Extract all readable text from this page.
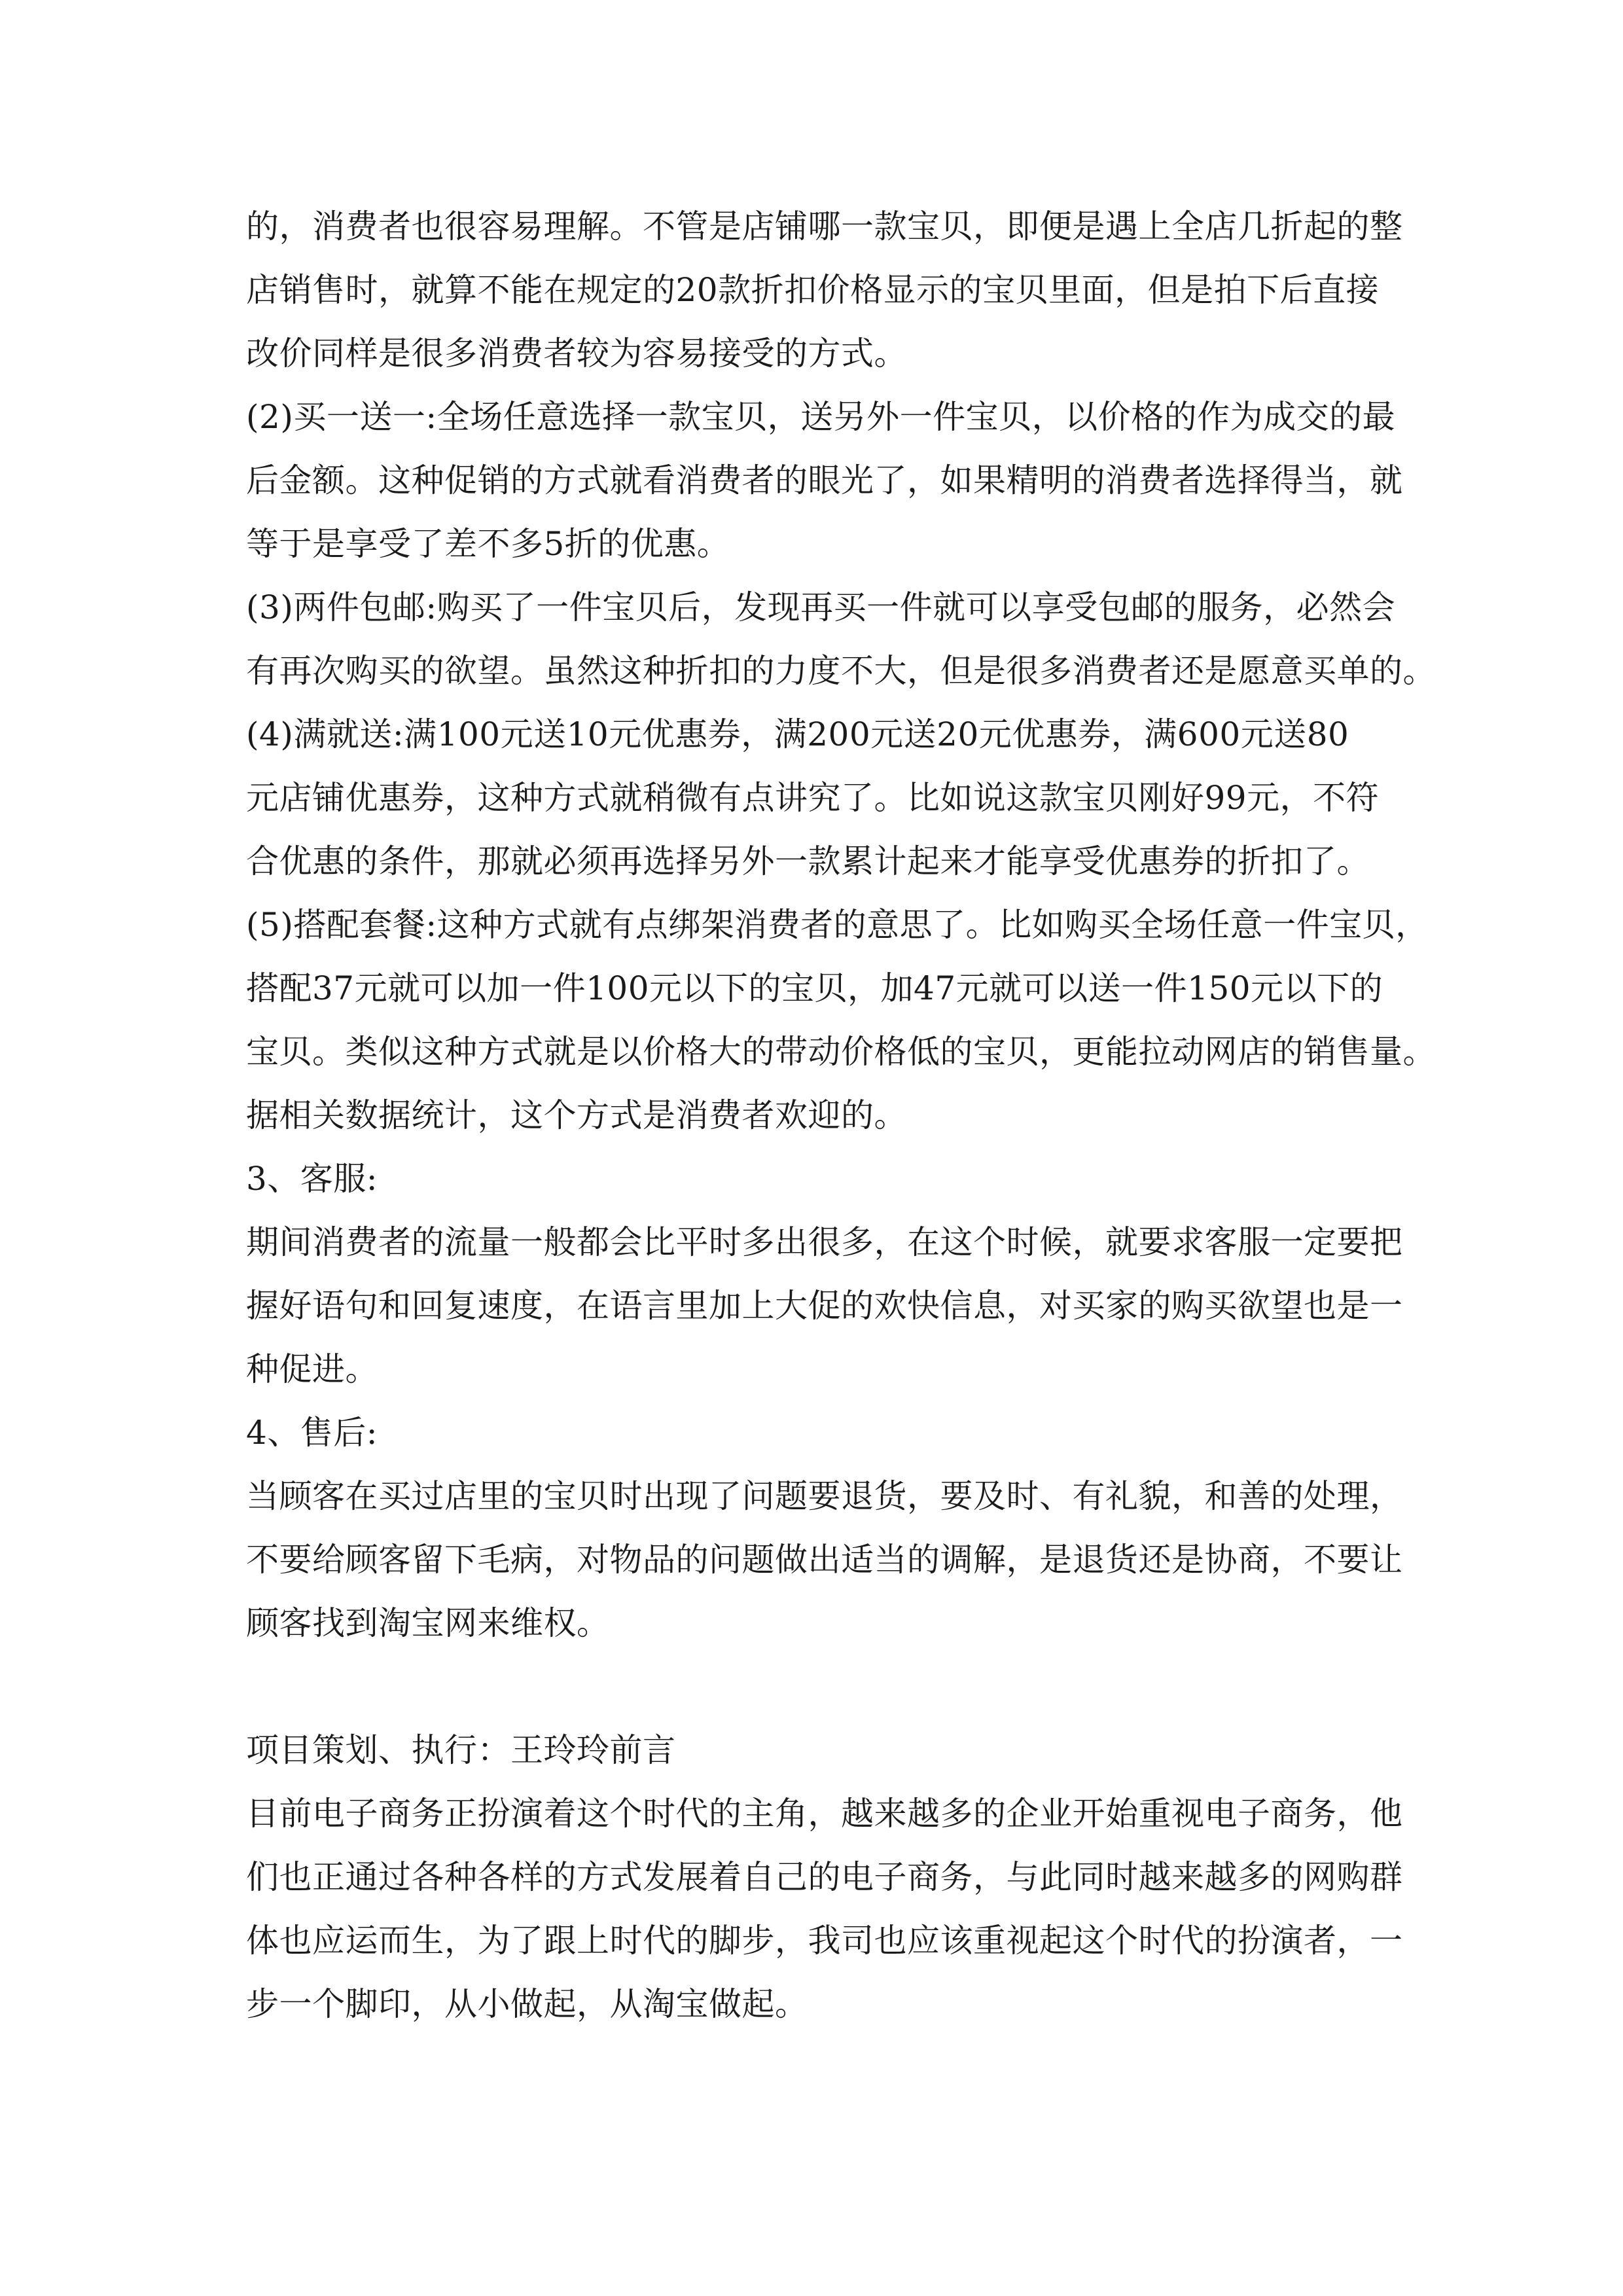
的，消费者也很容易理解。不管是店铺哪一款宝贝，即便是遇上全店几折起的整
店销售时，就算不能在规定的20款折扣价格显示的宝贝里面，但是拍下后直接
改价同样是很多消费者较为容易接受的方式。
(2)买一送一:全场任意选择一款宝贝，送另外一件宝贝，以价格的作为成交的最
后金额。这种促销的方式就看消费者的眼光了，如果精明的消费者选择得当，就
等于是享受了差不多5折的优惠。
(3)两件包邮:购买了一件宝贝后，发现再买一件就可以享受包邮的服务，必然会
有再次购买的欲望。虽然这种折扣的力度不大，但是很多消费者还是愿意买单的。
(4)满就送:满100元送10元优惠券，满200元送20元优惠券，满600元送80
元店铺优惠券，这种方式就稍微有点讲究了。比如说这款宝贝刚好99元，不符
合优惠的条件，那就必须再选择另外一款累计起来才能享受优惠券的折扣了。
(5)搭配套餐:这种方式就有点绑架消费者的意思了。比如购买全场任意一件宝贝，
搭配37元就可以加一件100元以下的宝贝，加47元就可以送一件150元以下的
宝贝。类似这种方式就是以价格大的带动价格低的宝贝，更能拉动网店的销售量。
据相关数据统计，这个方式是消费者欢迎的。
3、客服:
期间消费者的流量一般都会比平时多出很多，在这个时候，就要求客服一定要把
握好语句和回复速度，在语言里加上大促的欢快信息，对买家的购买欲望也是一
种促进。
4、售后:
当顾客在买过店里的宝贝时出现了问题要退货，要及时、有礼貌，和善的处理，
不要给顾客留下毛病，对物品的问题做出适当的调解，是退货还是协商，不要让
顾客找到淘宝网来维权。
项目策划、执行：王玲玲前言
目前电子商务正扮演着这个时代的主角，越来越多的企业开始重视电子商务，他
们也正通过各种各样的方式发展着自己的电子商务，与此同时越来越多的网购群
体也应运而生，为了跟上时代的脚步，我司也应该重视起这个时代的扮演者，一
步一个脚印，从小做起，从淘宝做起。
